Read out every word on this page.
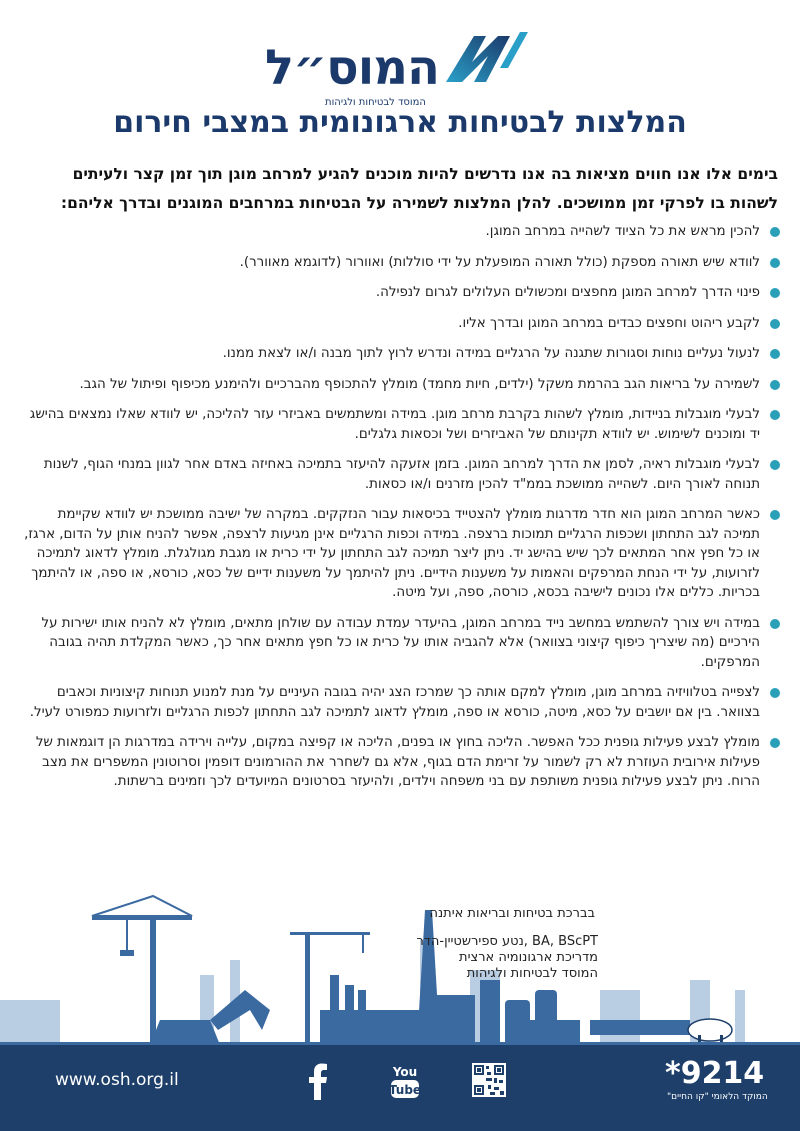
המוס״ל
המוסד לבטיחות ולגיהות
המלצות לבטיחות ארגונומית במצבי חירום
בימים אלו אנו חווים מציאות בה אנו נדרשים להיות מוכנים להגיע למרחב מוגן תוך זמן קצר ולעיתים
לשהות בו לפרקי זמן ממושכים. להלן המלצות לשמירה על הבטיחות במרחבים המוגנים ובדרך אליהם:
להכין מראש את כל הציוד לשהייה במרחב המוגן.
לוודא שיש תאורה מספקת (כולל תאורה המופעלת על ידי סוללות) ואוורור (לדוגמא מאוורר).
פינוי הדרך למרחב המוגן מחפצים ומכשולים העלולים לגרום לנפילה.
לקבע ריהוט וחפצים כבדים במרחב המוגן ובדרך אליו.
לנעול נעליים נוחות וסגורות שתגנה על הרגליים במידה ונדרש לרוץ לתוך מבנה ו/או לצאת ממנו.
לשמירה על בריאות הגב בהרמת משקל (ילדים, חיות מחמד) מומלץ להתכופף מהברכיים ולהימנע מכיפוף ופיתול של הגב.
לבעלי מוגבלות בניידות, מומלץ לשהות בקרבת מרחב מוגן. במידה ומשתמשים באביזרי עזר להליכה, יש לוודא שאלו נמצאים בהישג יד ומוכנים לשימוש. יש לוודא תקינותם של האביזרים ושל וכסאות גלגלים.
לבעלי מוגבלות ראיה, לסמן את הדרך למרחב המוגן. בזמן אזעקה להיעזר בתמיכה באחיזה באדם אחר לגוון במנחי הגוף, לשנות תנוחה לאורך היום. לשהייה ממושכת בממ"ד להכין מזרנים ו/או כסאות.
כאשר המרחב המוגן הוא חדר מדרגות מומלץ להצטייד בכיסאות עבור הנזקקים. במקרה של ישיבה ממושכת יש לוודא שקיימת תמיכה לגב התחתון ושכפות הרגליים תמוכות ברצפה. במידה וכפות הרגליים אינן מגיעות לרצפה, אפשר להניח אותן על הדום, ארגז, או כל חפץ אחר המתאים לכך שיש בהישג יד. ניתן ליצר תמיכה לגב התחתון על ידי כרית או מגבת מגולגלת. מומלץ לדאוג לתמיכה לזרועות, על ידי הנחת המרפקים והאמות על משענות הידיים. ניתן להיתמך על משענות ידיים של כסא, כורסא, או ספה, או להיתמך בכריות. כללים אלו נכונים לישיבה בכסא, כורסה, ספה, ועל מיטה.
במידה ויש צורך להשתמש במחשב נייד במרחב המוגן, בהיעדר עמדת עבודה עם שולחן מתאים, מומלץ לא להניח אותו ישירות על הירכיים (מה שיצריך כיפוף קיצוני בצוואר) אלא להגביה אותו על כרית או כל חפץ מתאים אחר כך, כאשר המקלדת תהיה בגובה המרפקים.
לצפייה בטלוויזיה במרחב מוגן, מומלץ למקם אותה כך שמרכז הצג יהיה בגובה העיניים על מנת למנוע תנוחות קיצוניות וכאבים בצוואר. בין אם יושבים על כסא, מיטה, כורסא או ספה, מומלץ לדאוג לתמיכה לגב התחתון לכפות הרגליים ולזרועות כמפורט לעיל.
מומלץ לבצע פעילות גופנית ככל האפשר. הליכה בחוץ או בפנים, הליכה או קפיצה במקום, עלייה וירידה במדרגות הן דוגמאות של פעילות אירובית העוזרת לא רק לשמור על זרימת הדם בגוף, אלא גם לשחרר את ההורמונים דופמין וסרוטונין המשפרים את מצב הרוח. ניתן לבצע פעילות גופנית משותפת עם בני משפחה וילדים, ולהיעזר בסרטונים המיועדים לכך וזמינים ברשתות.
בברכת בטיחות ובריאות איתנה
BA, BScPT ,נטע ספירשטיין-הדר
מדריכת ארגונומיה ארצית
המוסד לבטיחות ולגיהות
www.osh.org.il	You
Tube	*9214
המוקד הלאומי "קו החיים"
